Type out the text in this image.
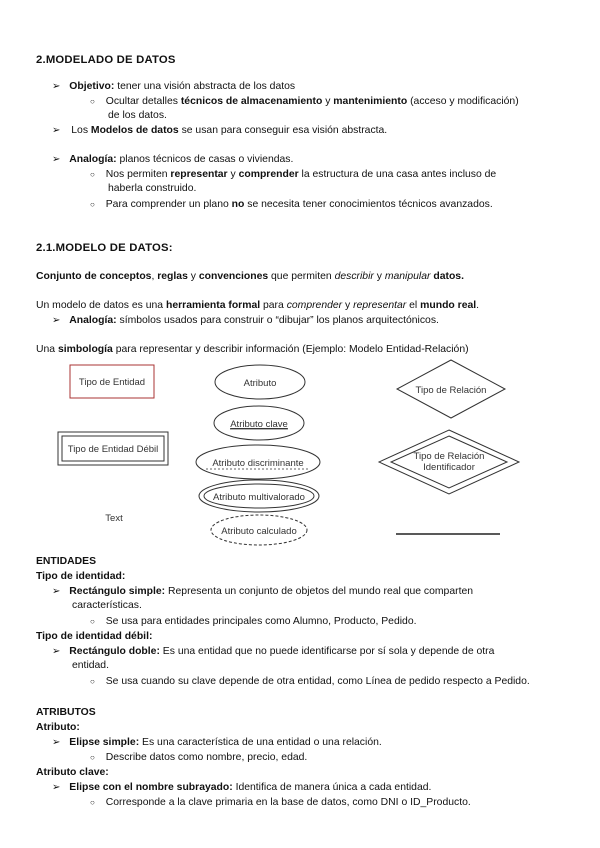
2.MODELADO DE DATOS
➢ Objetivo: tener una visión abstracta de los datos
○ Ocultar detalles técnicos de almacenamiento y mantenimiento (acceso y modificación)
de los datos.
➢ Los Modelos de datos se usan para conseguir esa visión abstracta.
➢ Analogía: planos técnicos de casas o viviendas.
○ Nos permiten representar y comprender la estructura de una casa antes incluso de
haberla construido.
○ Para comprender un plano no se necesita tener conocimientos técnicos avanzados.
2.1.MODELO DE DATOS:
Conjunto de conceptos, reglas y convenciones que permiten describir y manipular datos.
Un modelo de datos es una herramienta formal para comprender y representar el mundo real.
➢ Analogía: símbolos usados para construir o “dibujar” los planos arquitectónicos.
Una simbología para representar y describir información (Ejemplo: Modelo Entidad-Relación)
Tipo de Entidad
Tipo de Entidad Débil
Text
Atributo
Atributo clave
Atributo discriminante
Atributo multivalorado
Atributo calculado
Tipo de Relación
Tipo de Relación
Identificador
ENTIDADES
Tipo de identidad:
➢ Rectángulo simple: Representa un conjunto de objetos del mundo real que comparten
características.
○ Se usa para entidades principales como Alumno, Producto, Pedido.
Tipo de identidad débil:
➢ Rectángulo doble: Es una entidad que no puede identificarse por sí sola y depende de otra
entidad.
○ Se usa cuando su clave depende de otra entidad, como Línea de pedido respecto a Pedido.
ATRIBUTOS
Atributo:
➢ Elipse simple: Es una característica de una entidad o una relación.
○ Describe datos como nombre, precio, edad.
Atributo clave:
➢ Elipse con el nombre subrayado: Identifica de manera única a cada entidad.
○ Corresponde a la clave primaria en la base de datos, como DNI o ID_Producto.
